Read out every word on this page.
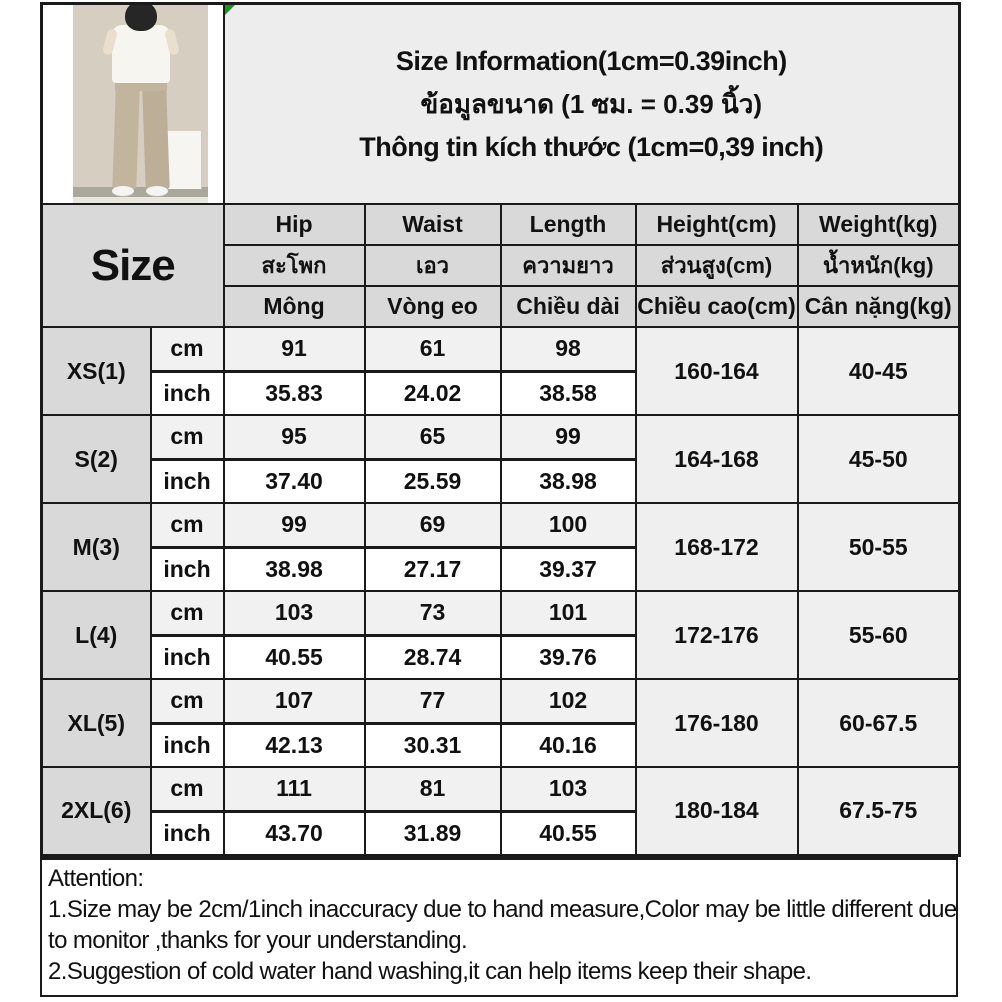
		Size Information(1cm=0.39inch)
ข้อมูลขนาด (1 ซม. = 0.39 นิ้ว)
Thông tin kích thước (1cm=0,39 inch)				

Size		Hip	Waist	Length	Height(cm)	Weight(kg)
		สะโพก	เอว	ความยาว	ส่วนสูง(cm)	น้ำหนัก(kg)
		Mông	Vòng eo	Chiều dài	Chiều cao(cm)	Cân nặng(kg)
XS(1)	cm	91	61	98	160-164	40-45
	inch	35.83	24.02	38.58		
S(2)	cm	95	65	99	164-168	45-50
	inch	37.40	25.59	38.98		
M(3)	cm	99	69	100	168-172	50-55
	inch	38.98	27.17	39.37		
L(4)	cm	103	73	101	172-176	55-60
	inch	40.55	28.74	39.76		
XL(5)	cm	107	77	102	176-180	60-67.5
	inch	42.13	30.31	40.16		
2XL(6)	cm	111	81	103	180-184	67.5-75
	inch	43.70	31.89	40.55		
Attention:
1.Size may be 2cm/1inch inaccuracy due to hand measure,Color may be little different due
to monitor ,thanks for your understanding.
2.Suggestion of cold water hand washing,it can help items keep their shape.
